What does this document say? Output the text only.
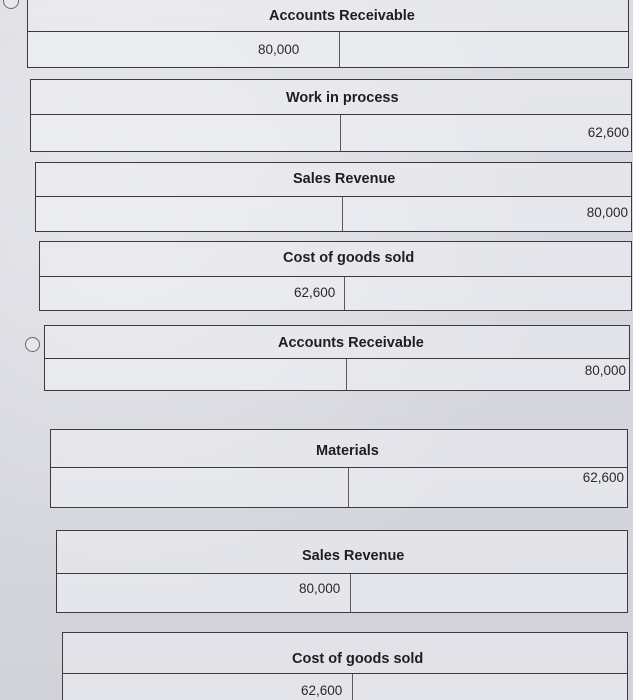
Accounts Receivable
80,000
Work in process
62,600
Sales Revenue
80,000
Cost of goods sold
62,600
Accounts Receivable
80,000
Materials
62,600
Sales Revenue
80,000
Cost of goods sold
62,600
